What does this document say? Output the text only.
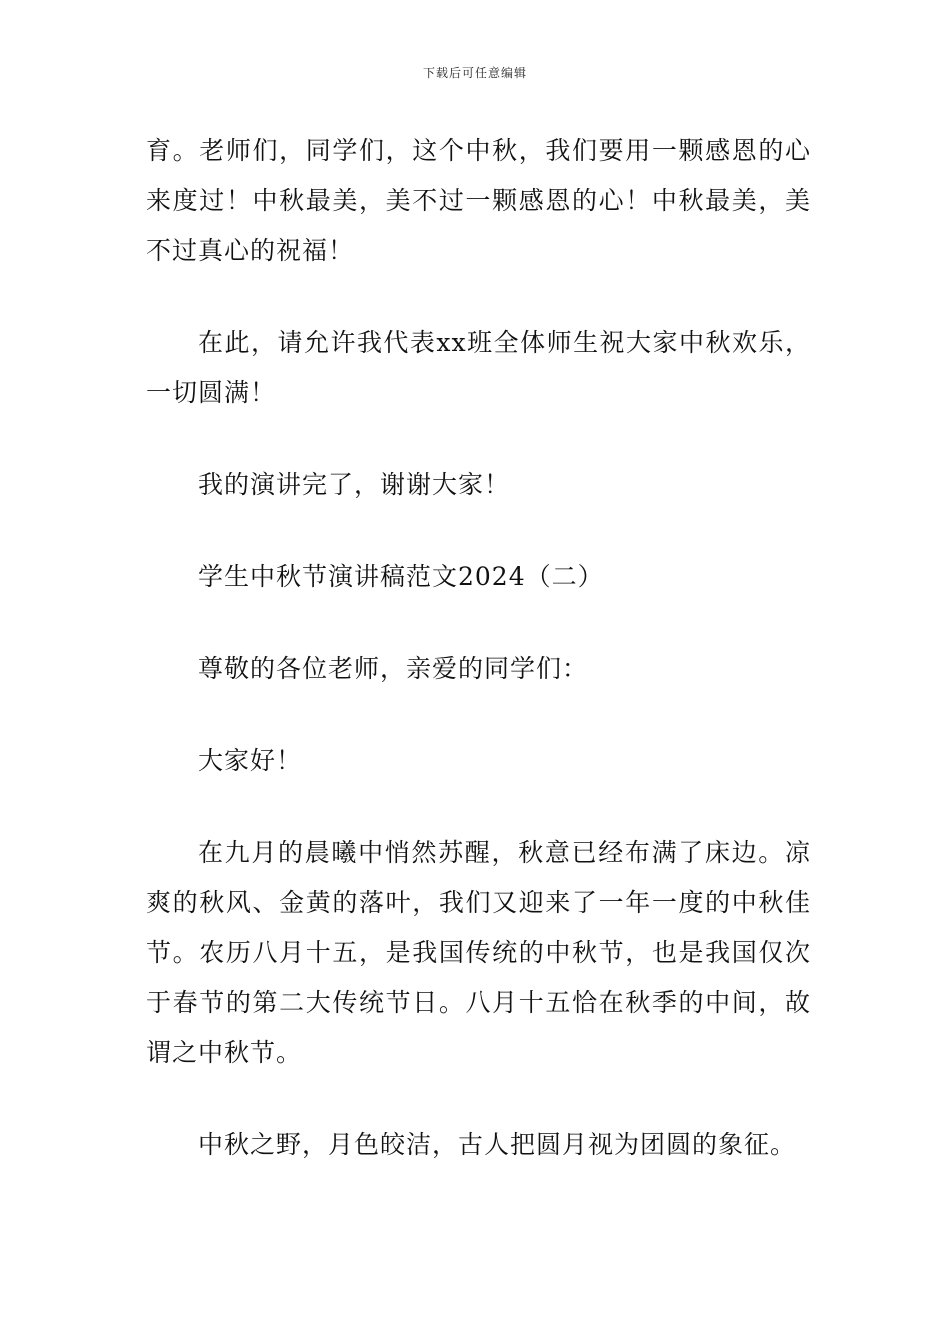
下载后可任意编辑

育。老师们，同学们，这个中秋，我们要用一颗感恩的心来度过！中秋最美，美不过一颗感恩的心！中秋最美，美不过真心的祝福！

在此，请允许我代表xx班全体师生祝大家中秋欢乐，一切圆满！

我的演讲完了，谢谢大家！

学生中秋节演讲稿范文2024（二）

尊敬的各位老师，亲爱的同学们：

大家好！

在九月的晨曦中悄然苏醒，秋意已经布满了床边。凉爽的秋风、金黄的落叶，我们又迎来了一年一度的中秋佳节。农历八月十五，是我国传统的中秋节，也是我国仅次于春节的第二大传统节日。八月十五恰在秋季的中间，故谓之中秋节。

中秋之野，月色皎洁，古人把圆月视为团圆的象征。
